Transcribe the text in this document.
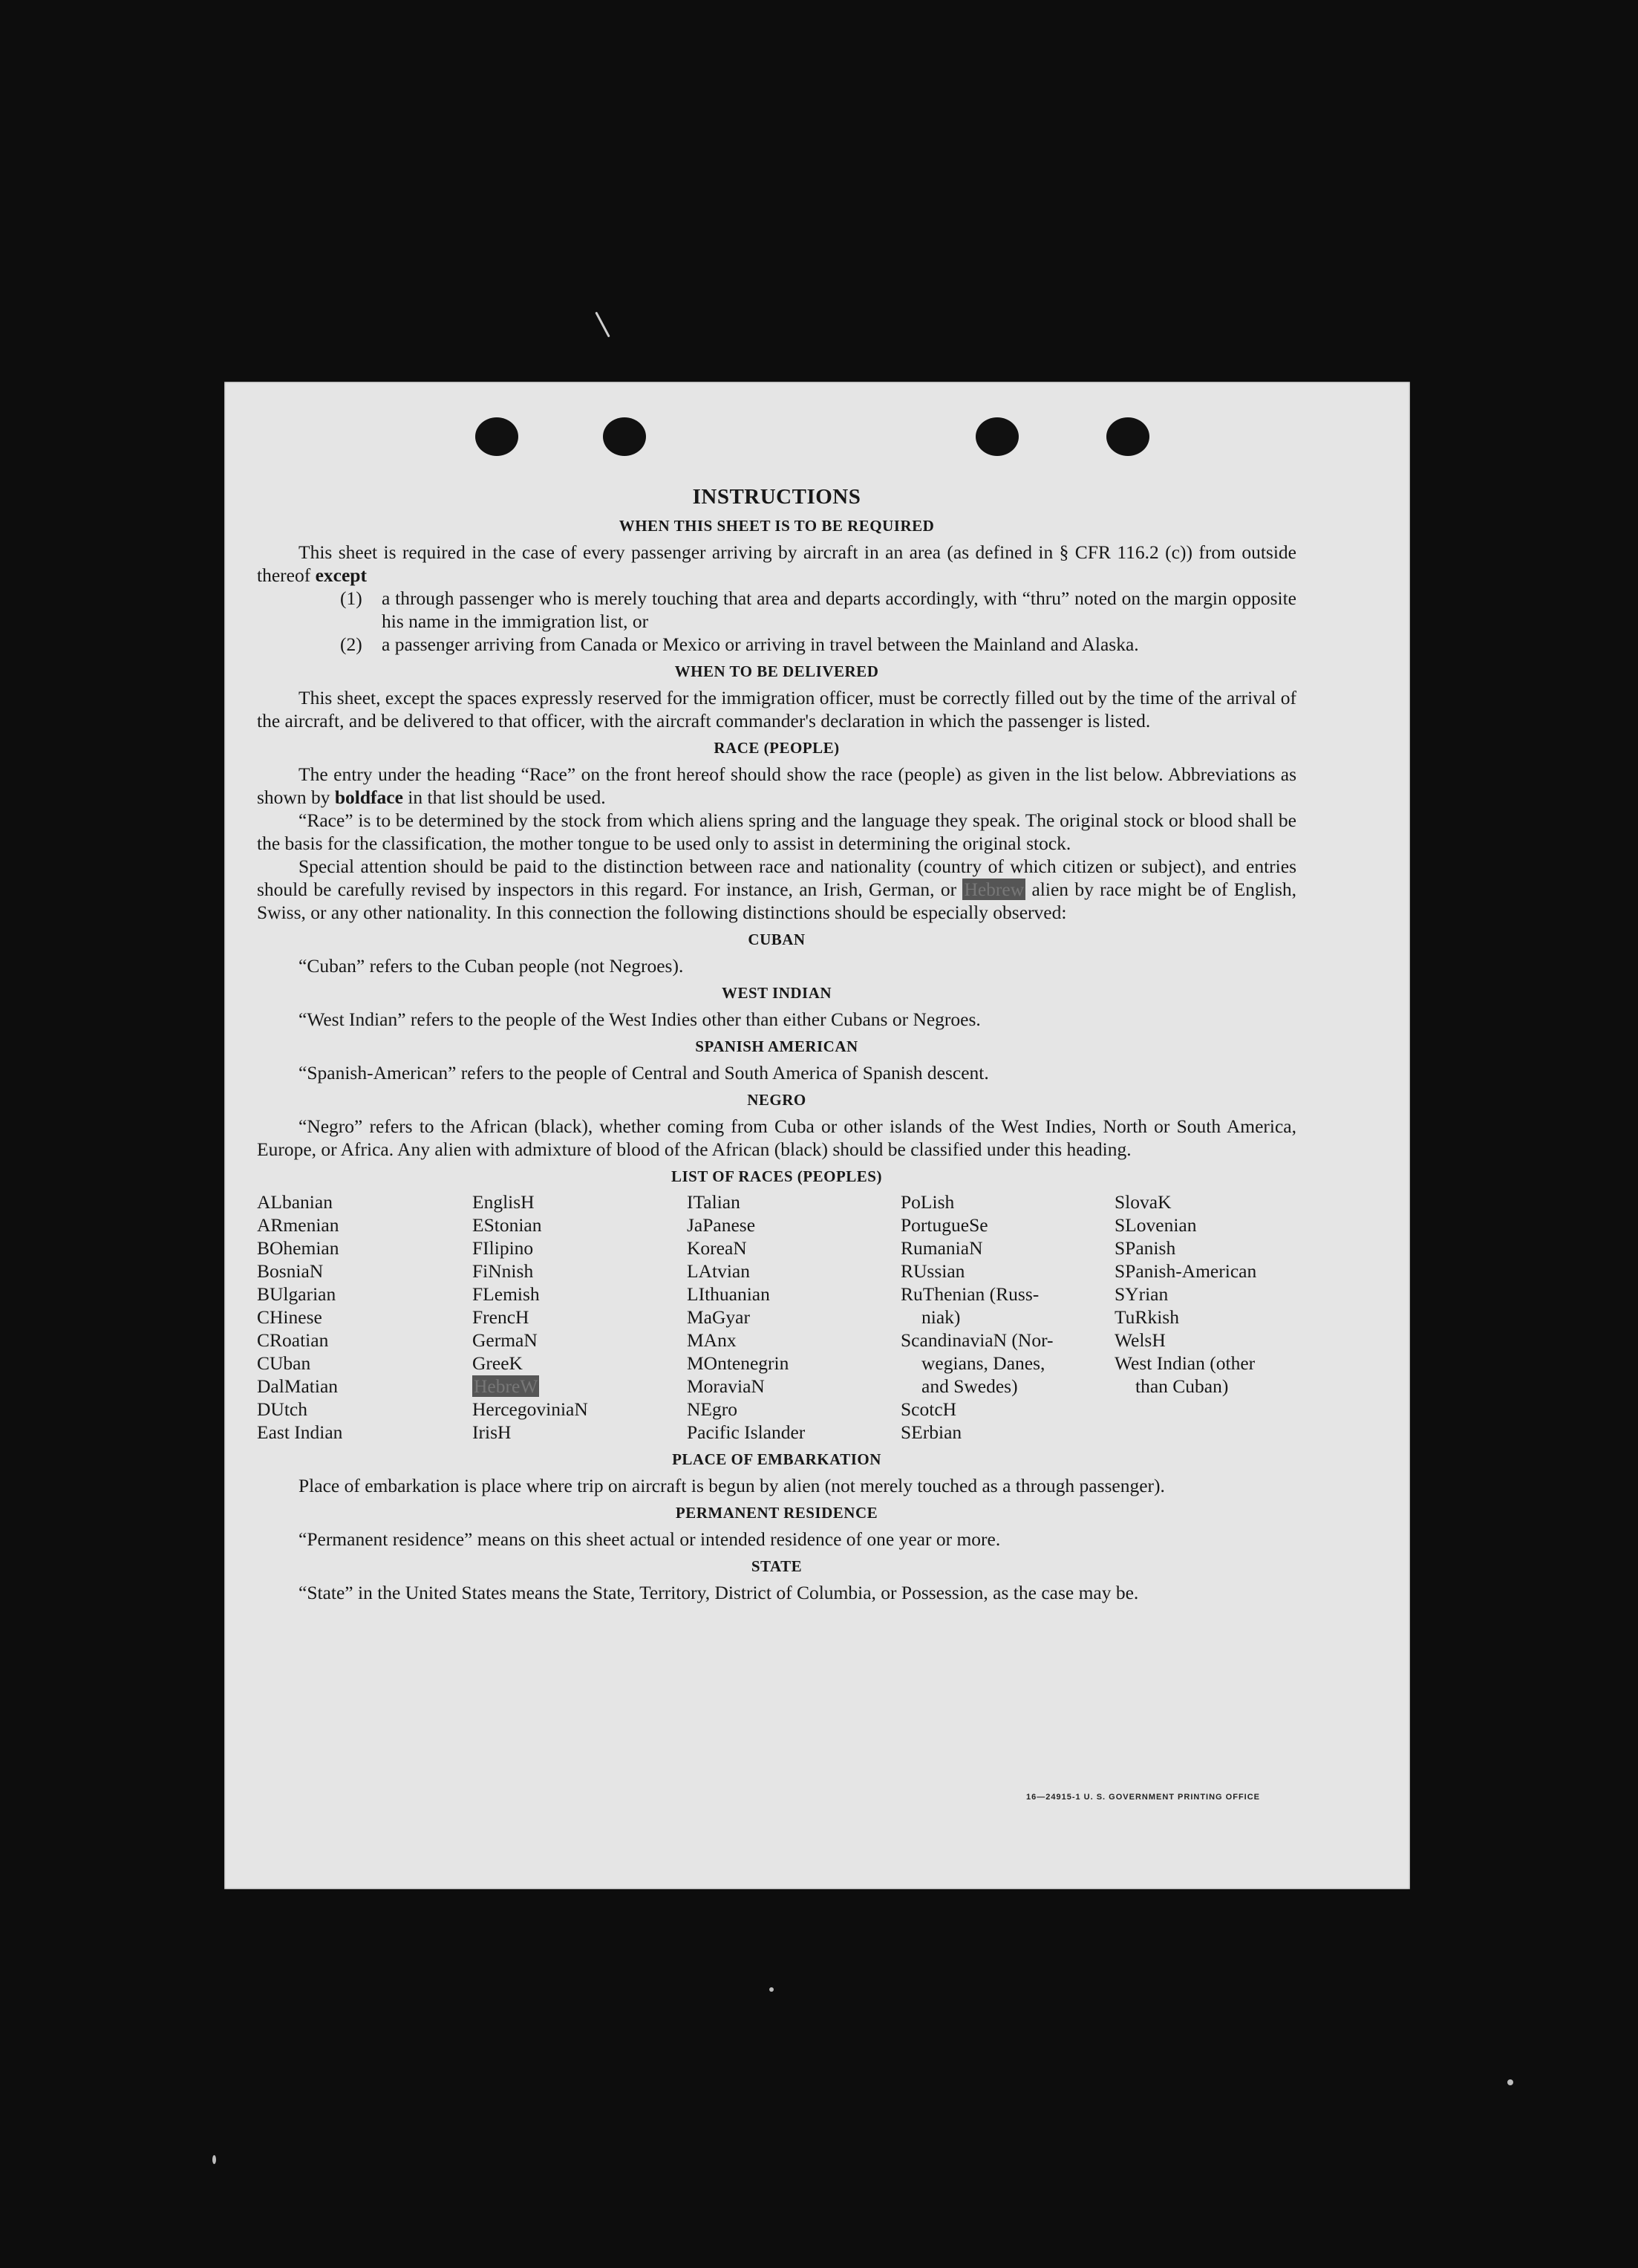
INSTRUCTIONS
WHEN THIS SHEET IS TO BE REQUIRED

This sheet is required in the case of every passenger arriving by aircraft in an area (as defined in § CFR 116.2 (c)) from outside thereof except

(1)	a through passenger who is merely touching that area and departs accordingly, with “thru” noted on the margin opposite his name in the immigration list, or
(2)	a passenger arriving from Canada or Mexico or arriving in travel between the Mainland and Alaska.
WHEN TO BE DELIVERED

This sheet, except the spaces expressly reserved for the immigration officer, must be correctly filled out by the time of the arrival of the aircraft, and be delivered to that officer, with the aircraft commander's declaration in which the passenger is listed.

RACE (PEOPLE)

The entry under the heading “Race” on the front hereof should show the race (people) as given in the list below. Abbreviations as shown by boldface in that list should be used.

“Race” is to be determined by the stock from which aliens spring and the language they speak. The original stock or blood shall be the basis for the classification, the mother tongue to be used only to assist in determining the original stock.

Special attention should be paid to the distinction between race and nationality (country of which citizen or subject), and entries should be carefully revised by inspectors in this regard. For instance, an Irish, German, or Hebrew alien by race might be of English, Swiss, or any other nationality. In this connection the following distinctions should be especially observed:

CUBAN

“Cuban” refers to the Cuban people (not Negroes).

WEST INDIAN

“West Indian” refers to the people of the West Indies other than either Cubans or Negroes.

SPANISH AMERICAN

“Spanish-American” refers to the people of Central and South America of Spanish descent.

NEGRO

“Negro” refers to the African (black), whether coming from Cuba or other islands of the West Indies, North or South America, Europe, or Africa. Any alien with admixture of blood of the African (black) should be classified under this heading.

LIST OF RACES (PEOPLES)
ALbanian
ARmenian
BOhemian
BosniaN
BUlgarian
CHinese
CRoatian
CUban
DalMatian
DUtch
East Indian
EnglisH
EStonian
FIlipino
FiNnish
FLemish
FrencH
GermaN
GreeK
HebreW
HercegoviniaN
IrisH
ITalian
JaPanese
KoreaN
LAtvian
LIthuanian
MaGyar
MAnx
MOntenegrin
MoraviaN
NEgro
Pacific Islander
PoLish
PortugueSe
RumaniaN
RUssian
RuThenian (Russ-
niak)
ScandinaviaN (Nor-
wegians, Danes,
and Swedes)
ScotcH
SErbian
SlovaK
SLovenian
SPanish
SPanish-American
SYrian
TuRkish
WelsH
West Indian (other
than Cuban)
PLACE OF EMBARKATION

Place of embarkation is place where trip on aircraft is begun by alien (not merely touched as a through passenger).

PERMANENT RESIDENCE

“Permanent residence” means on this sheet actual or intended residence of one year or more.

STATE

“State” in the United States means the State, Territory, District of Columbia, or Possession, as the case may be.

16—24915-1 U. S. GOVERNMENT PRINTING OFFICE
